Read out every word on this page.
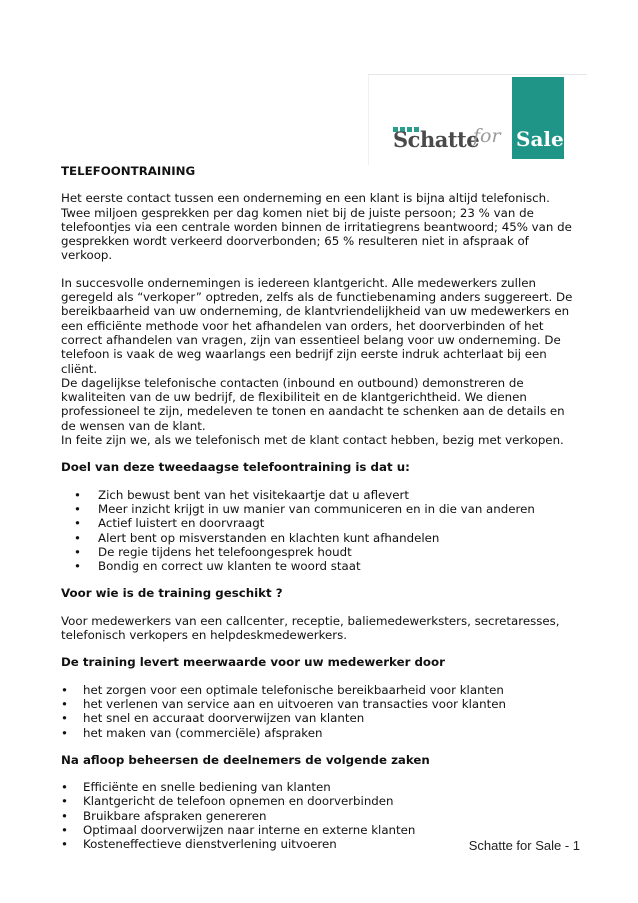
Schatte
for Sale
TELEFOONTRAINING

Het eerste contact tussen een onderneming en een klant is bijna altijd telefonisch. Twee miljoen gesprekken per dag komen niet bij de juiste persoon; 23 % van de telefoontjes via een centrale worden binnen de irritatiegrens beantwoord; 45% van de gesprekken wordt verkeerd doorverbonden; 65 % resulteren niet in afspraak of verkoop.

In succesvolle ondernemingen is iedereen klantgericht. Alle medewerkers zullen geregeld als “verkoper” optreden, zelfs als de functiebenaming anders suggereert. De bereikbaarheid van uw onderneming, de klantvriendelijkheid van uw medewerkers en een efficiënte methode voor het afhandelen van orders, het doorverbinden of het correct afhandelen van vragen, zijn van essentieel belang voor uw onderneming. De telefoon is vaak de weg waarlangs een bedrijf zijn eerste indruk achterlaat bij een cliënt.

De dagelijkse telefonische contacten (inbound en outbound) demonstreren de kwaliteiten van de uw bedrijf, de flexibiliteit en de klantgerichtheid. We dienen professioneel te zijn, medeleven te tonen en aandacht te schenken aan de details en de wensen van de klant.

In feite zijn we, als we telefonisch met de klant contact hebben, bezig met verkopen.

Doel van deze tweedaagse telefoontraining is dat u:
• Zich bewust bent van het visitekaartje dat u aflevert
• Meer inzicht krijgt in uw manier van communiceren en in die van anderen
• Actief luistert en doorvraagt
• Alert bent op misverstanden en klachten kunt afhandelen
• De regie tijdens het telefoongesprek houdt
• Bondig en correct uw klanten te woord staat
Voor wie is de training geschikt ?

Voor medewerkers van een callcenter, receptie, baliemedewerksters, secretaresses, telefonisch verkopers en helpdeskmedewerkers.

De training levert meerwaarde voor uw medewerker door
• het zorgen voor een optimale telefonische bereikbaarheid voor klanten
• het verlenen van service aan en uitvoeren van transacties voor klanten
• het snel en accuraat doorverwijzen van klanten
• het maken van (commerciële) afspraken
Na afloop beheersen de deelnemers de volgende zaken
• Efficiënte en snelle bediening van klanten
• Klantgericht de telefoon opnemen en doorverbinden
• Bruikbare afspraken genereren
• Optimaal doorverwijzen naar interne en externe klanten
• Kosteneffectieve dienstverlening uitvoeren	Schatte for Sale - 1
